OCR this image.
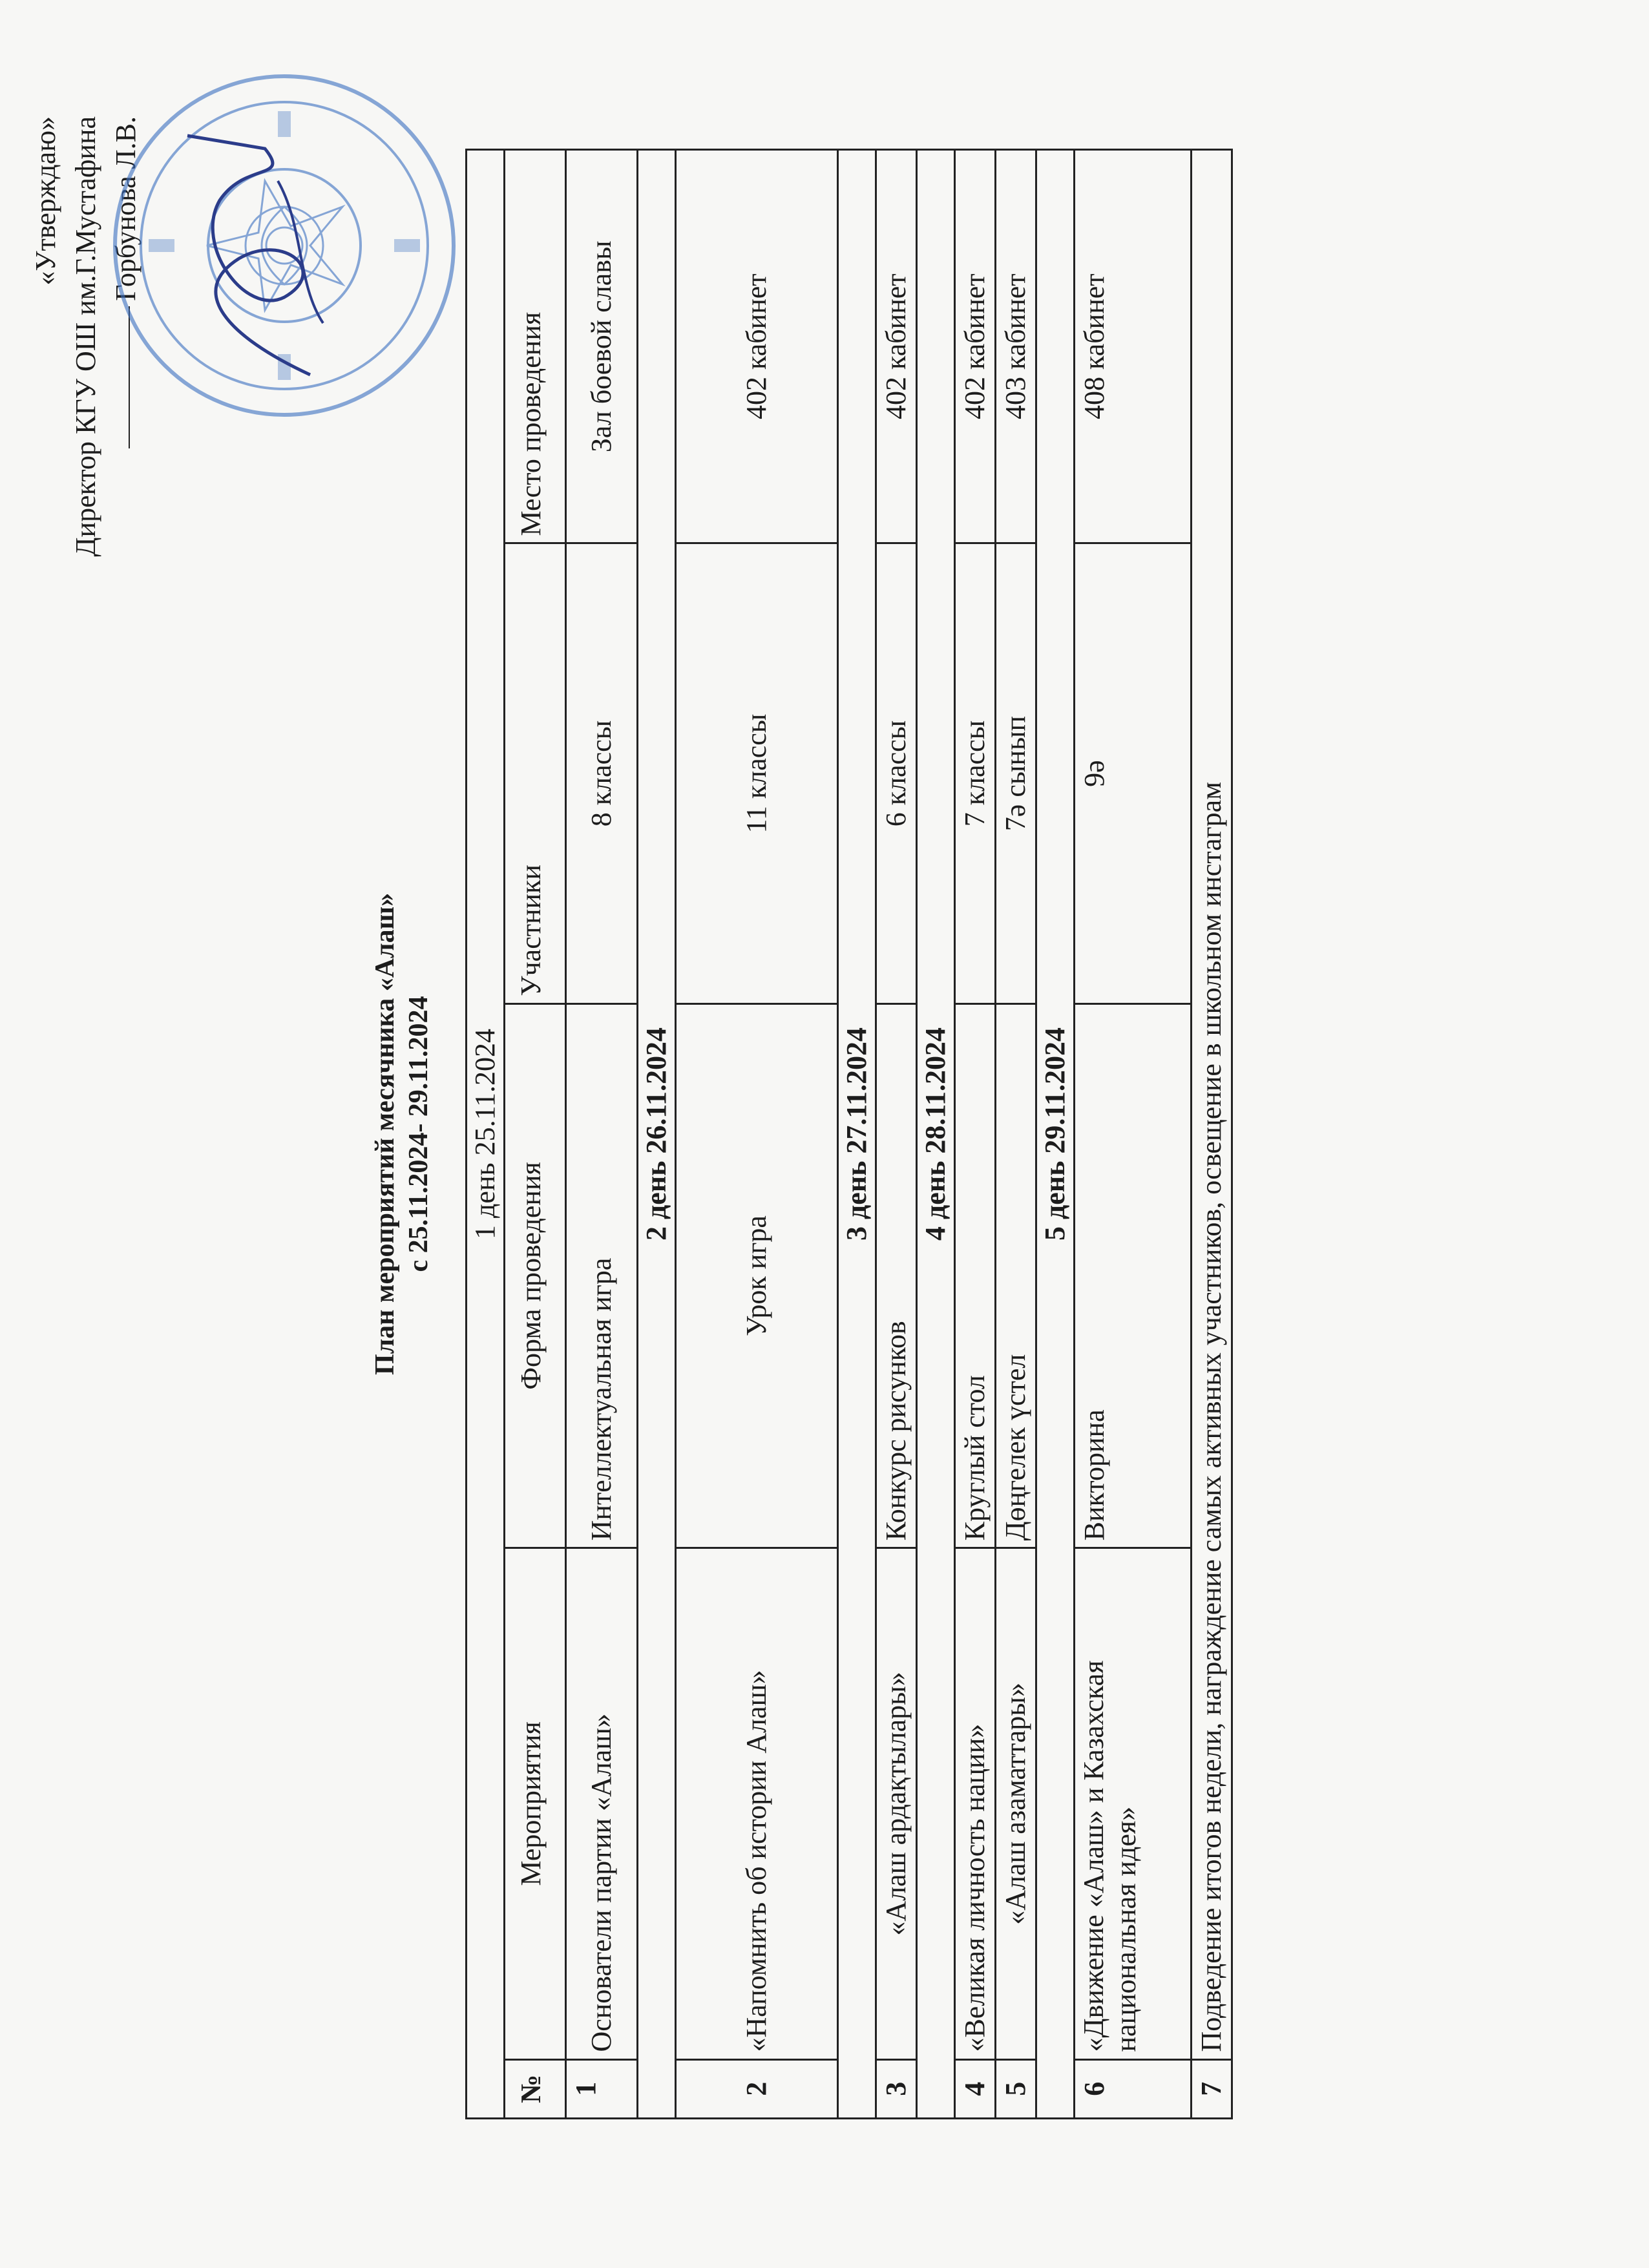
«Утверждаю» Директор КГУ ОШ им.Г.Мустафина Горбунова Л.В.
План мероприятий месячника «Алаш» с 25.11.2024- 29.11.2024 1 день 25.11.2024				
№	Мероприятия	Форма проведения	Участники	Место проведения
1	Основатели партии «Алаш»	Интеллектуальная игра	8 классы	Зал боевой славы
2 день 26.11.2024				
2	«Напомнить об истории Алаш»	Урок игра	11 классы	402 кабинет
3 день 27.11.2024				
3	«Алаш ардақтылары»	Конкурс рисунков	6 классы	402 кабинет
4 день 28.11.2024				
4	«Великая личность нации»	Круглый стол	7 классы	402 кабинет
5	«Алаш азаматтары»	Дөңгелек үстел	7ә сынып	403 кабинет
5 день 29.11.2024				
6	«Движение «Алаш» и Казахская национальная идея»	Викторина	9ә	408 кабинет
7	Подведение итогов недели, награждение самых активных участников, освещение в школьном инстаграм			
